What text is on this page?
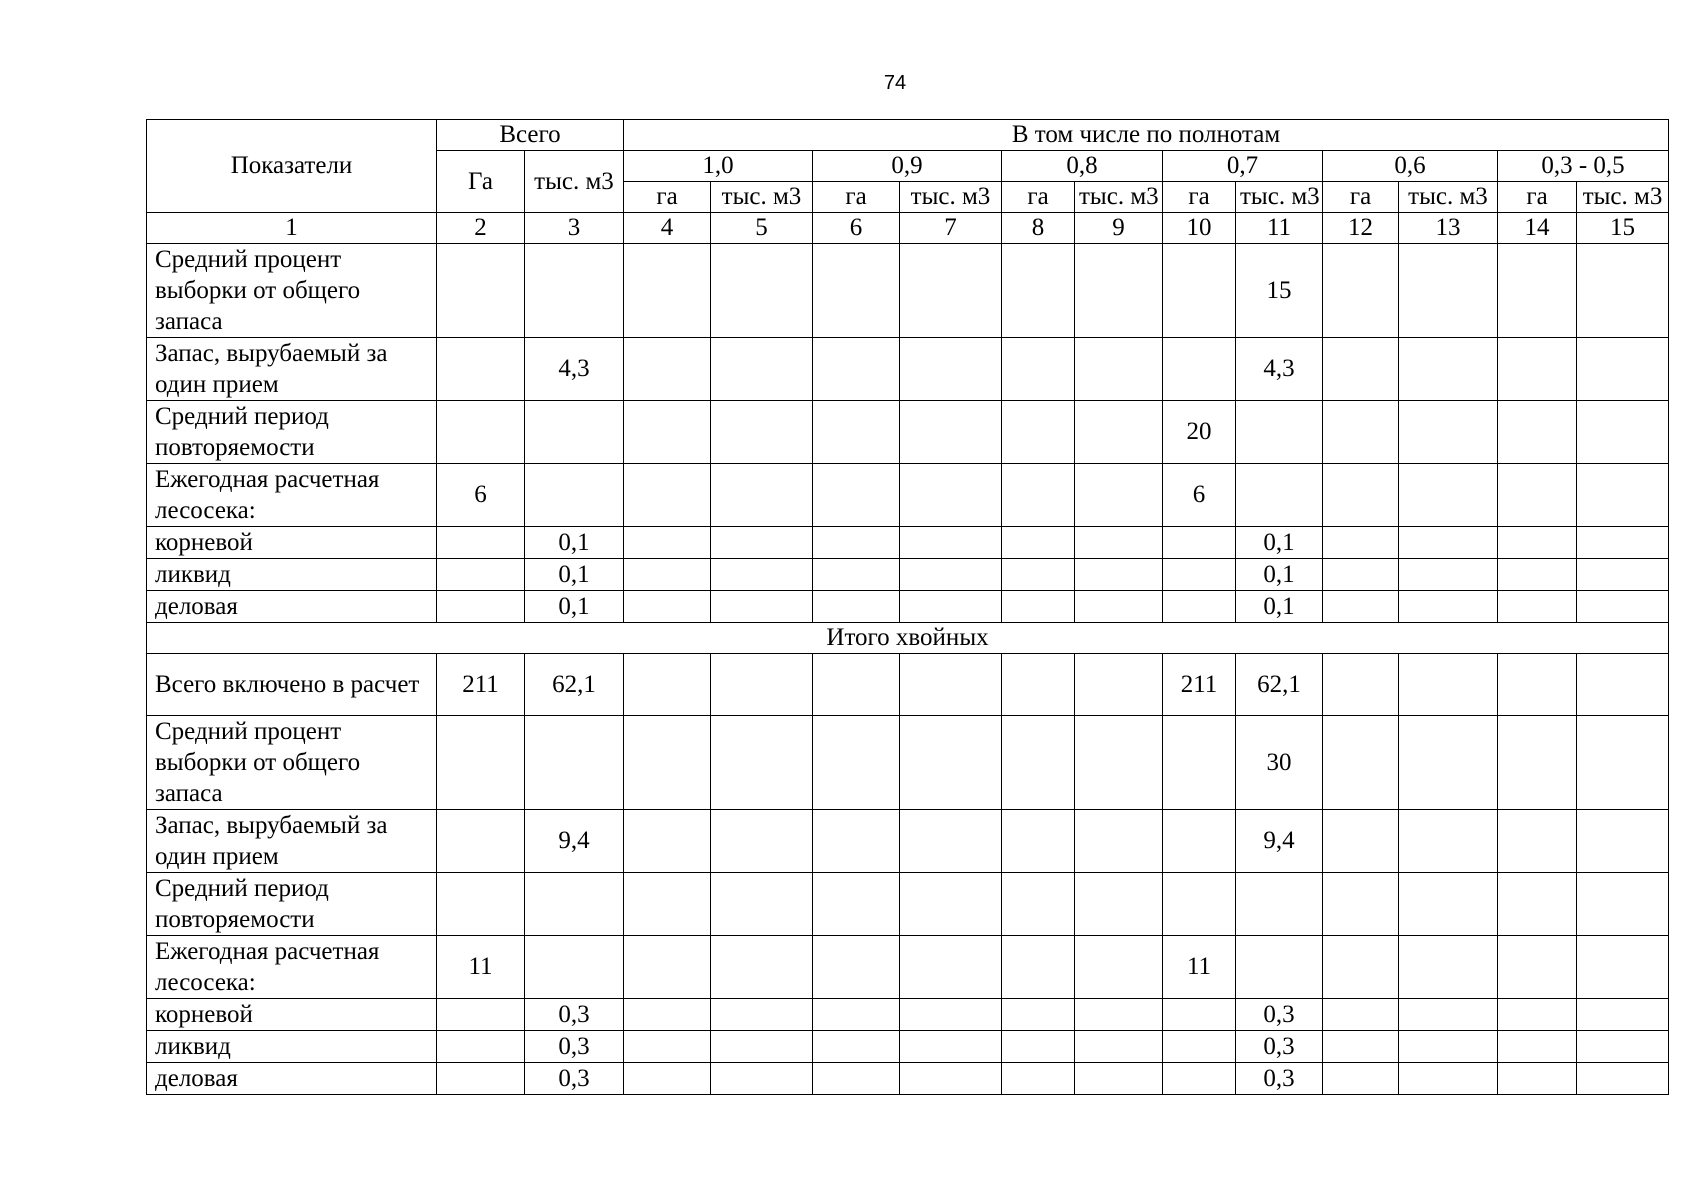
74
Показатели	Всего		В том числе по полнотам											
	Га	тыс. м3	1,0		0,9		0,8		0,7		0,6		0,3 - 0,5	
			га	тыс. м3	га	тыс. м3	га	тыс. м3	га	тыс. м3	га	тыс. м3	га	тыс. м3
1	2	3	4	5	6	7	8	9	10	11	12	13	14	15
Средний процент выборки от общего запаса										15				
Запас, вырубаемый за один прием		4,3								4,3				
Средний период повторяемости									20					
Ежегодная расчетная лесосека:	6								6					
корневой		0,1								0,1				
ликвид		0,1								0,1				
деловая		0,1								0,1				
Итого хвойных														
Всего включено в расчет	211	62,1							211	62,1				
Средний процент выборки от общего запаса										30				
Запас, вырубаемый за один прием		9,4								9,4				
Средний период повторяемости														
Ежегодная расчетная лесосека:	11								11					
корневой		0,3								0,3				
ликвид		0,3								0,3				
деловая		0,3								0,3				
